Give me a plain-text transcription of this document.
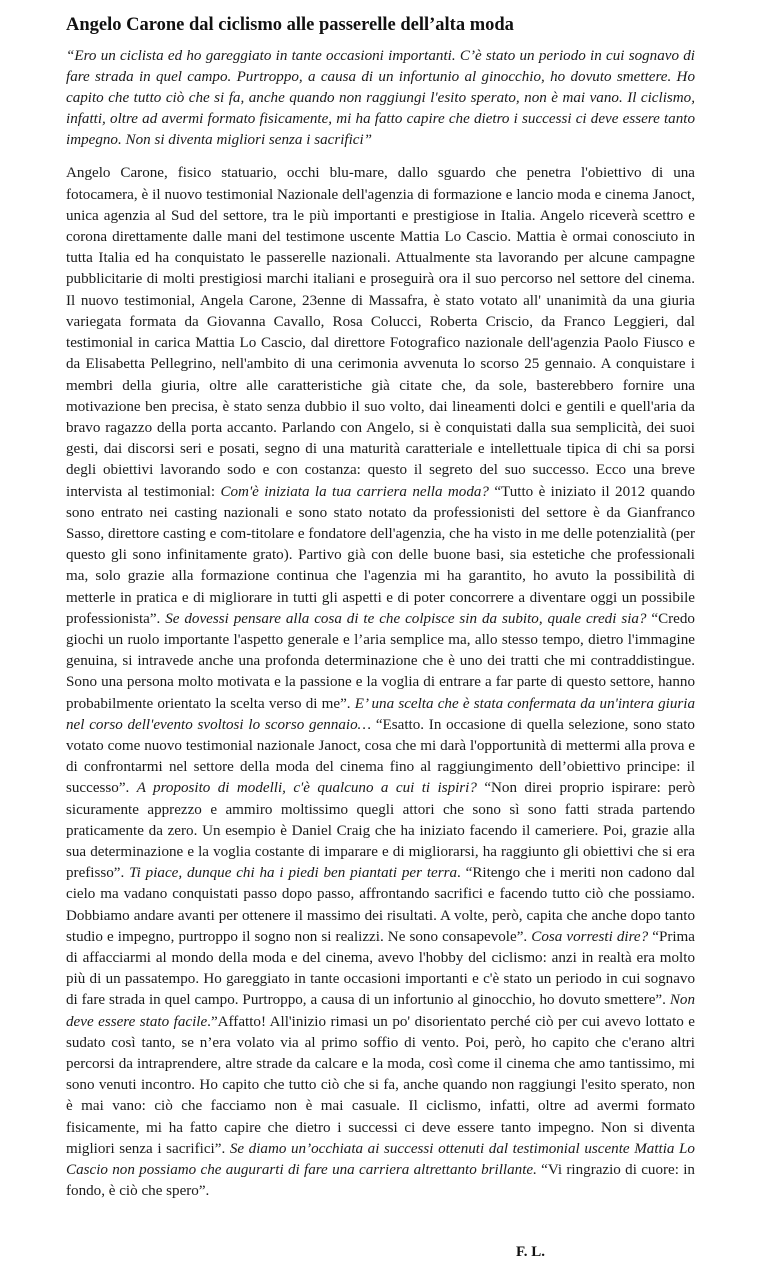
Angelo Carone dal ciclismo alle passerelle dell’alta moda

“Ero un ciclista ed ho gareggiato in tante occasioni importanti. C’è stato un periodo in cui sognavo di fare strada in quel campo. Purtroppo, a causa di un infortunio al ginocchio, ho dovuto smettere. Ho capito che tutto ciò che si fa, anche quando non raggiungi l'esito sperato, non è mai vano. Il ciclismo, infatti, oltre ad avermi formato fisicamente, mi ha fatto capire che dietro i successi ci deve essere tanto impegno. Non si diventa migliori senza i sacrifici”

Angelo Carone, fisico statuario, occhi blu-mare, dallo sguardo che penetra l'obiettivo di una fotocamera, è il nuovo testimonial Nazionale dell'agenzia di formazione e lancio moda e cinema Janoct, unica agenzia al Sud del settore, tra le più importanti e prestigiose in Italia. Angelo riceverà scettro e corona direttamente dalle mani del testimone uscente Mattia Lo Cascio. Mattia è ormai conosciuto in tutta Italia ed ha conquistato le passerelle nazionali. Attualmente sta lavorando per alcune campagne pubblicitarie di molti prestigiosi marchi italiani e proseguirà ora il suo percorso nel settore del cinema. Il nuovo testimonial, Angela Carone, 23enne di Massafra, è stato votato all' unanimità da una giuria variegata formata da Giovanna Cavallo, Rosa Colucci, Roberta Criscio, da Franco Leggieri, dal testimonial in carica Mattia Lo Cascio, dal direttore Fotografico nazionale dell'agenzia Paolo Fiusco e da Elisabetta Pellegrino, nell'ambito di una cerimonia avvenuta lo scorso 25 gennaio. A conquistare i membri della giuria, oltre alle caratteristiche già citate che, da sole, basterebbero fornire una motivazione ben precisa, è stato senza dubbio il suo volto, dai lineamenti dolci e gentili e quell'aria da bravo ragazzo della porta accanto. Parlando con Angelo, si è conquistati dalla sua semplicità, dei suoi gesti, dai discorsi seri e posati, segno di una maturità caratteriale e intellettuale tipica di chi sa porsi degli obiettivi lavorando sodo e con costanza: questo il segreto del suo successo. Ecco una breve intervista al testimonial: Com'è iniziata la tua carriera nella moda? “Tutto è iniziato il 2012 quando sono entrato nei casting nazionali e sono stato notato da professionisti del settore è da Gianfranco Sasso, direttore casting e com-titolare e fondatore dell'agenzia, che ha visto in me delle potenzialità (per questo gli sono infinitamente grato). Partivo già con delle buone basi, sia estetiche che professionali ma, solo grazie alla formazione continua che l'agenzia mi ha garantito, ho avuto la possibilità di metterle in pratica e di migliorare in tutti gli aspetti e di poter concorrere a diventare oggi un possibile professionista”. Se dovessi pensare alla cosa di te che colpisce sin da subito, quale credi sia? “Credo giochi un ruolo importante l'aspetto generale e l’aria semplice ma, allo stesso tempo, dietro l'immagine genuina, si intravede anche una profonda determinazione che è uno dei tratti che mi contraddistingue. Sono una persona molto motivata e la passione e la voglia di entrare a far parte di questo settore, hanno probabilmente orientato la scelta verso di me”. E’ una scelta che è stata confermata da un'intera giuria nel corso dell'evento svoltosi lo scorso gennaio… “Esatto. In occasione di quella selezione, sono stato votato come nuovo testimonial nazionale Janoct, cosa che mi darà l'opportunità di mettermi alla prova e di confrontarmi nel settore della moda del cinema fino al raggiungimento dell’obiettivo principe: il successo”. A proposito di modelli, c'è qualcuno a cui ti ispiri? “Non direi proprio ispirare: però sicuramente apprezzo e ammiro moltissimo quegli attori che sono sì sono fatti strada partendo praticamente da zero. Un esempio è Daniel Craig che ha iniziato facendo il cameriere. Poi, grazie alla sua determinazione e la voglia costante di imparare e di migliorarsi, ha raggiunto gli obiettivi che si era prefisso”. Ti piace, dunque chi ha i piedi ben piantati per terra. “Ritengo che i meriti non cadono dal cielo ma vadano conquistati passo dopo passo, affrontando sacrifici e facendo tutto ciò che possiamo. Dobbiamo andare avanti per ottenere il massimo dei risultati. A volte, però, capita che anche dopo tanto studio e impegno, purtroppo il sogno non si realizzi. Ne sono consapevole”. Cosa vorresti dire? “Prima di affacciarmi al mondo della moda e del cinema, avevo l'hobby del ciclismo: anzi in realtà era molto più di un passatempo. Ho gareggiato in tante occasioni importanti e c'è stato un periodo in cui sognavo di fare strada in quel campo. Purtroppo, a causa di un infortunio al ginocchio, ho dovuto smettere”. Non deve essere stato facile.”Affatto! All'inizio rimasi un po' disorientato perché ciò per cui avevo lottato e sudato così tanto, se n’era volato via al primo soffio di vento. Poi, però, ho capito che c'erano altri percorsi da intraprendere, altre strade da calcare e la moda, così come il cinema che amo tantissimo, mi sono venuti incontro. Ho capito che tutto ciò che si fa, anche quando non raggiungi l'esito sperato, non è mai vano: ciò che facciamo non è mai casuale. Il ciclismo, infatti, oltre ad avermi formato fisicamente, mi ha fatto capire che dietro i successi ci deve essere tanto impegno. Non si diventa migliori senza i sacrifici”. Se diamo un’occhiata ai successi ottenuti dal testimonial uscente Mattia Lo Cascio non possiamo che augurarti di fare una carriera altrettanto brillante. “Vi ringrazio di cuore: in fondo, è ciò che spero”.

F. L.
